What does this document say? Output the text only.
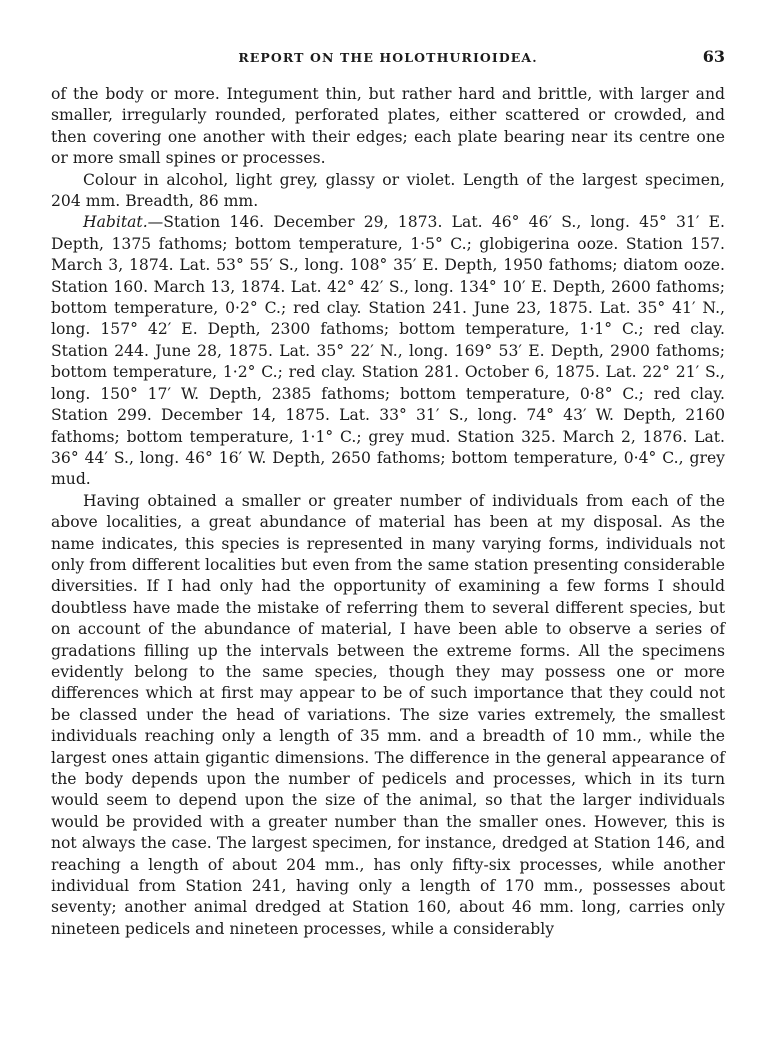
REPORT ON THE HOLOTHURIOIDEA.	63

of the body or more. Integument thin, but rather hard and brittle, with larger and smaller, irregularly rounded, perforated plates, either scattered or crowded, and then covering one another with their edges; each plate bearing near its centre one or more small spines or processes.

Colour in alcohol, light grey, glassy or violet. Length of the largest specimen, 204 mm. Breadth, 86 mm.

Habitat.—Station 146. December 29, 1873. Lat. 46° 46′ S., long. 45° 31′ E. Depth, 1375 fathoms; bottom temperature, 1·5° C.; globigerina ooze. Station 157. March 3, 1874. Lat. 53° 55′ S., long. 108° 35′ E. Depth, 1950 fathoms; diatom ooze. Station 160. March 13, 1874. Lat. 42° 42′ S., long. 134° 10′ E. Depth, 2600 fathoms; bottom temperature, 0·2° C.; red clay. Station 241. June 23, 1875. Lat. 35° 41′ N., long. 157° 42′ E. Depth, 2300 fathoms; bottom temperature, 1·1° C.; red clay. Station 244. June 28, 1875. Lat. 35° 22′ N., long. 169° 53′ E. Depth, 2900 fathoms; bottom temperature, 1·2° C.; red clay. Station 281. October 6, 1875. Lat. 22° 21′ S., long. 150° 17′ W. Depth, 2385 fathoms; bottom temperature, 0·8° C.; red clay. Station 299. December 14, 1875. Lat. 33° 31′ S., long. 74° 43′ W. Depth, 2160 fathoms; bottom temperature, 1·1° C.; grey mud. Station 325. March 2, 1876. Lat. 36° 44′ S., long. 46° 16′ W. Depth, 2650 fathoms; bottom temperature, 0·4° C., grey mud.

Having obtained a smaller or greater number of individuals from each of the above localities, a great abundance of material has been at my disposal. As the name indicates, this species is represented in many varying forms, individuals not only from different localities but even from the same station presenting considerable diversities. If I had only had the opportunity of examining a few forms I should doubtless have made the mistake of referring them to several different species, but on account of the abundance of material, I have been able to observe a series of gradations filling up the intervals between the extreme forms. All the specimens evidently belong to the same species, though they may possess one or more differences which at first may appear to be of such importance that they could not be classed under the head of variations. The size varies extremely, the smallest individuals reaching only a length of 35 mm. and a breadth of 10 mm., while the largest ones attain gigantic dimensions. The difference in the general appearance of the body depends upon the number of pedicels and processes, which in its turn would seem to depend upon the size of the animal, so that the larger individuals would be provided with a greater number than the smaller ones. However, this is not always the case. The largest specimen, for instance, dredged at Station 146, and reaching a length of about 204 mm., has only fifty-six processes, while another individual from Station 241, having only a length of 170 mm., possesses about seventy; another animal dredged at Station 160, about 46 mm. long, carries only nineteen pedicels and nineteen processes, while a considerably
